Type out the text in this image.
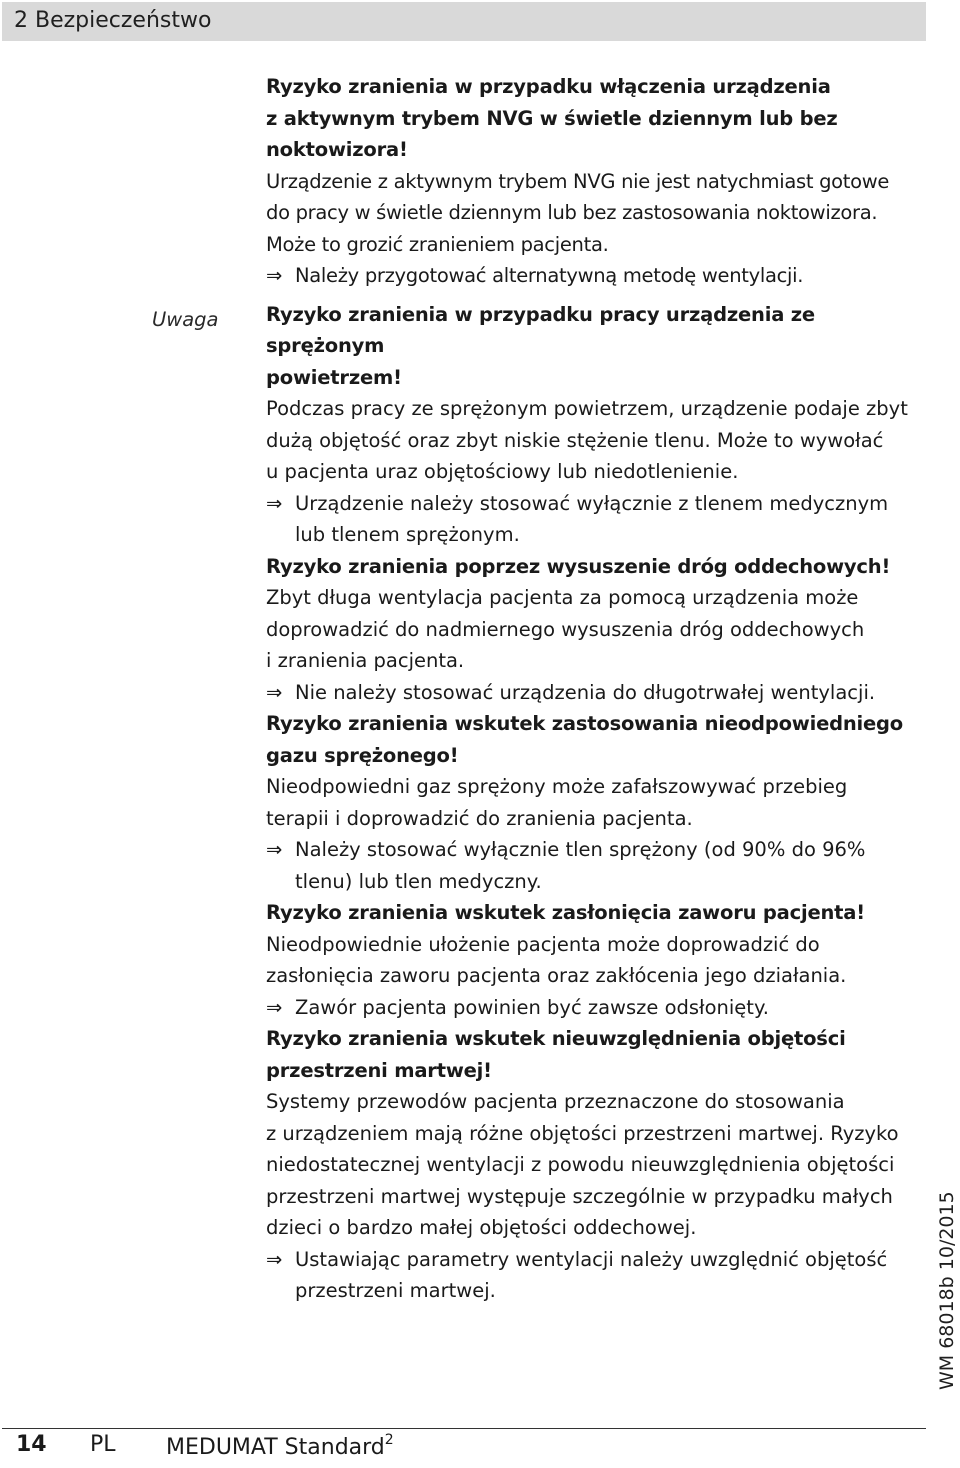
2 Bezpieczeństwo
Uwaga
Ryzyko zranienia w przypadku włączenia urządzenia
z aktywnym trybem NVG w świetle dziennym lub bez
noktowizora!
Urządzenie z aktywnym trybem NVG nie jest natychmiast gotowe
do pracy w świetle dziennym lub bez zastosowania noktowizora.
Może to grozić zranieniem pacjenta.
⇒ Należy przygotować alternatywną metodę wentylacji.
Ryzyko zranienia w przypadku pracy urządzenia ze sprężonym
powietrzem!
Podczas pracy ze sprężonym powietrzem, urządzenie podaje zbyt
dużą objętość oraz zbyt niskie stężenie tlenu. Może to wywołać
u pacjenta uraz objętościowy lub niedotlenienie.
⇒ Urządzenie należy stosować wyłącznie z tlenem medycznym
lub tlenem sprężonym.
Ryzyko zranienia poprzez wysuszenie dróg oddechowych!
Zbyt długa wentylacja pacjenta za pomocą urządzenia może
doprowadzić do nadmiernego wysuszenia dróg oddechowych
i zranienia pacjenta.
⇒ Nie należy stosować urządzenia do długotrwałej wentylacji.
Ryzyko zranienia wskutek zastosowania nieodpowiedniego
gazu sprężonego!
Nieodpowiedni gaz sprężony może zafałszowywać przebieg
terapii i doprowadzić do zranienia pacjenta.
⇒ Należy stosować wyłącznie tlen sprężony (od 90% do 96%
tlenu) lub tlen medyczny.
Ryzyko zranienia wskutek zasłonięcia zaworu pacjenta!
Nieodpowiednie ułożenie pacjenta może doprowadzić do
zasłonięcia zaworu pacjenta oraz zakłócenia jego działania.
⇒ Zawór pacjenta powinien być zawsze odsłonięty.
Ryzyko zranienia wskutek nieuwzględnienia objętości
przestrzeni martwej!
Systemy przewodów pacjenta przeznaczone do stosowania
z urządzeniem mają różne objętości przestrzeni martwej. Ryzyko
niedostatecznej wentylacji z powodu nieuwzględnienia objętości
przestrzeni martwej występuje szczególnie w przypadku małych
dzieci o bardzo małej objętości oddechowej.
⇒ Ustawiając parametry wentylacji należy uwzględnić objętość
przestrzeni martwej.	WM 68018b 10/2015
14 PL MEDUMAT Standard$^2$
